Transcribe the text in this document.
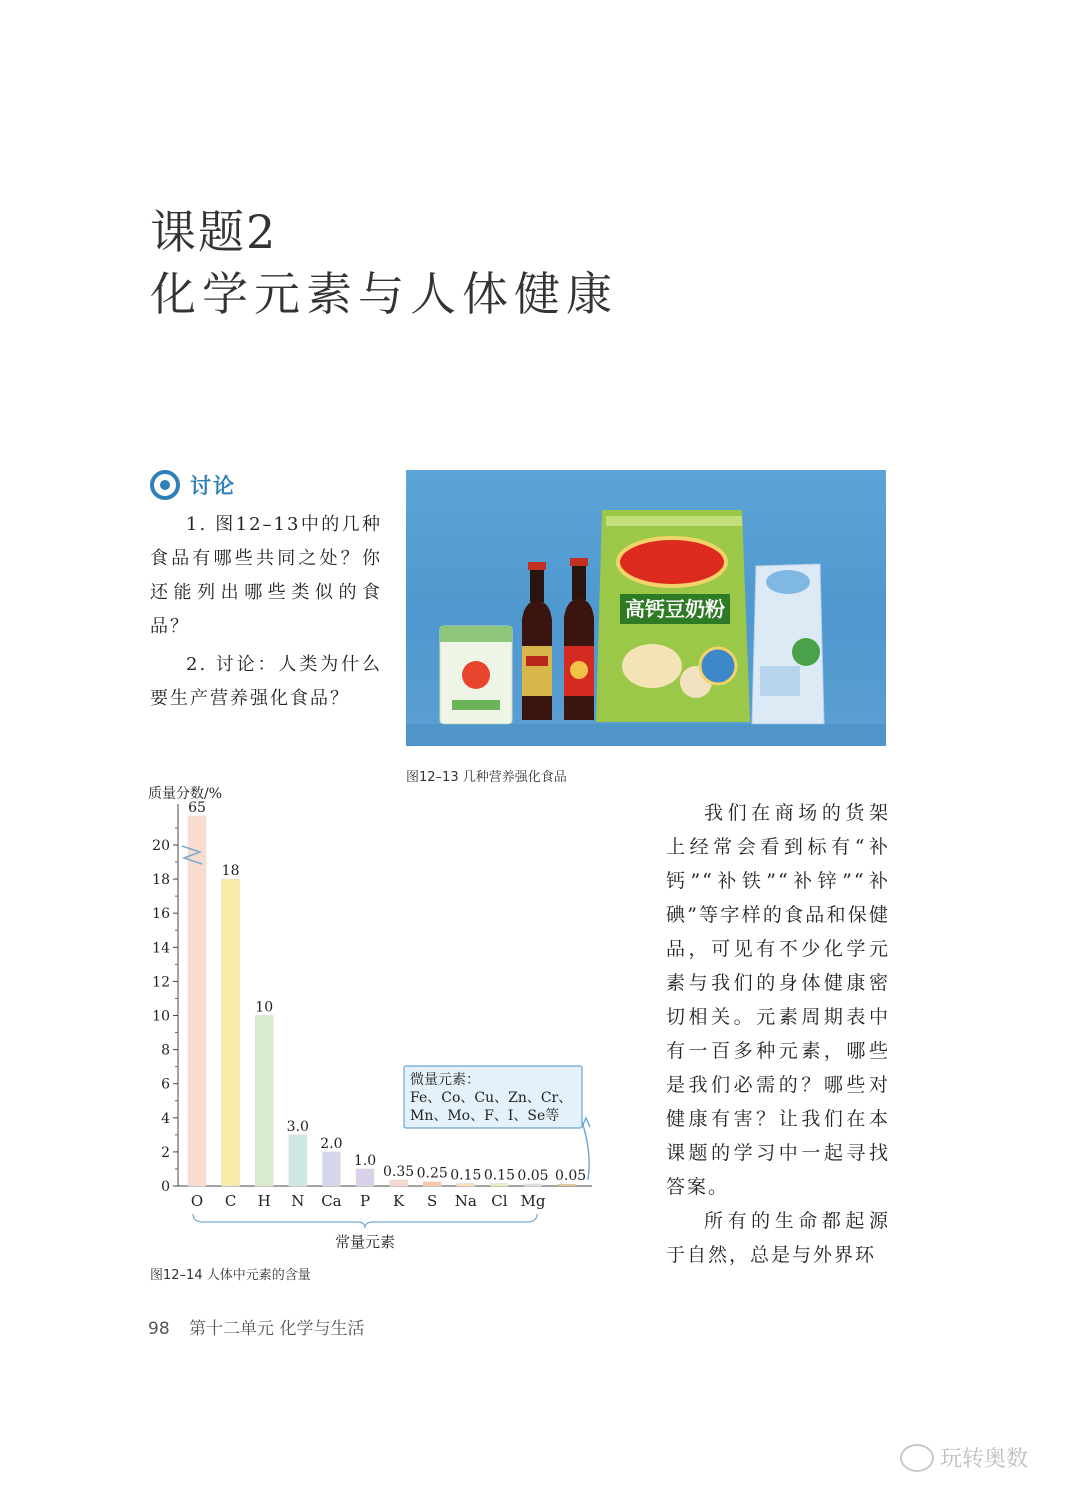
课题2
化学元素与人体健康
讨论

1. 图12–13中的几种食品有哪些共同之处？你还能列出哪些类似的食品？

2. 讨论：人类为什么要生产营养强化食品？

高钙豆奶粉
图12–13 几种营养强化食品
质量分数/%
0
2
4
6
8
10
12
14
16
18
20
65
O
18
C
10
H
3.0
N
2.0
Ca
1.0
P
0.35
K
0.25
S
0.15
Na
0.15
Cl
0.05
Mg
0.05
微量元素：
Fe、Co、Cu、Zn、Cr、
Mn、Mo、F、I、Se等
常量元素
图12–14 人体中元素的含量

我们在商场的货架上经常会看到标有“补钙”“补铁”“补锌”“补碘”等字样的食品和保健品，可见有不少化学元素与我们的身体健康密切相关。元素周期表中有一百多种元素，哪些是我们必需的？哪些对健康有害？让我们在本课题的学习中一起寻找答案。

所有的生命都起源于自然，总是与外界环

98 第十二单元 化学与生活
玩转奥数
